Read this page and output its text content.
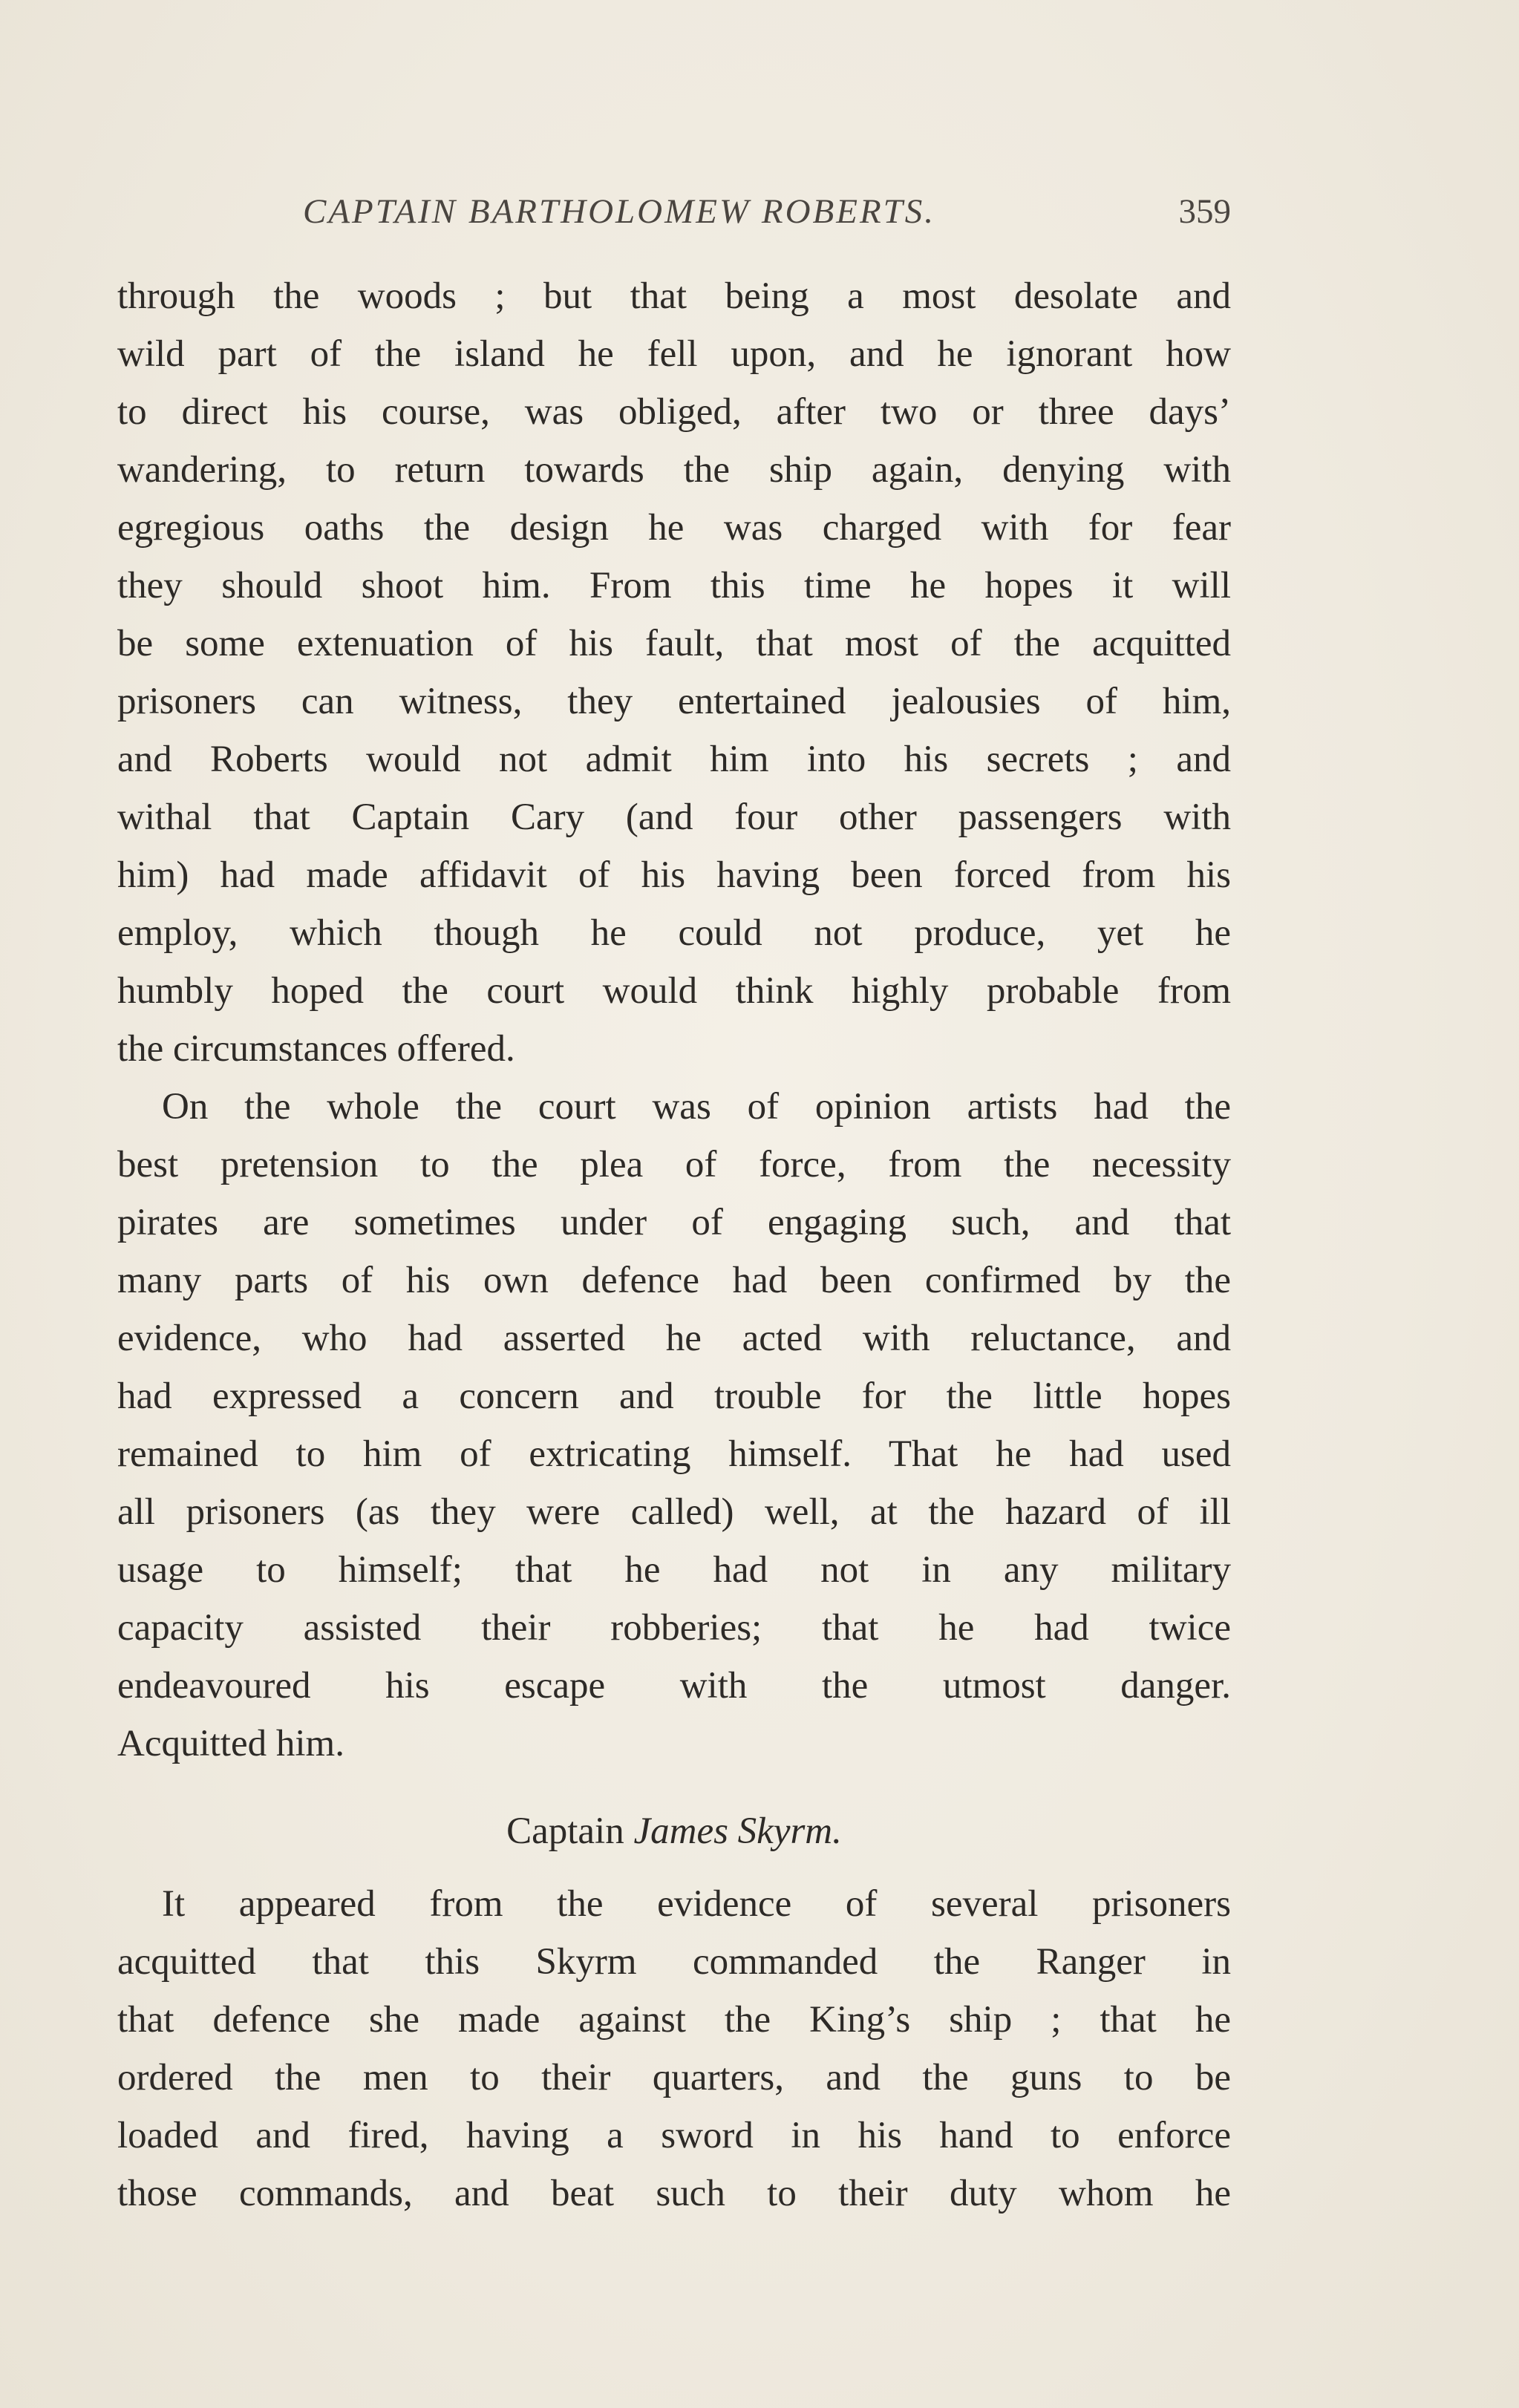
CAPTAIN BARTHOLOMEW ROBERTS.	359
through the woods ; but that being a most desolate and
wild part of the island he fell upon, and he ignorant how
to direct his course, was obliged, after two or three days’
wandering, to return towards the ship again, denying with
egregious oaths the design he was charged with for fear
they should shoot him. From this time he hopes it will
be some extenuation of his fault, that most of the acquitted
prisoners can witness, they entertained jealousies of him,
and Roberts would not admit him into his secrets ; and
withal that Captain Cary (and four other passengers with
him) had made affidavit of his having been forced from his
employ, which though he could not produce, yet he
humbly hoped the court would think highly probable from
the circumstances offered.
On the whole the court was of opinion artists had the
best pretension to the plea of force, from the necessity
pirates are sometimes under of engaging such, and that
many parts of his own defence had been confirmed by the
evidence, who had asserted he acted with reluctance, and
had expressed a concern and trouble for the little hopes
remained to him of extricating himself. That he had used
all prisoners (as they were called) well, at the hazard of ill
usage to himself; that he had not in any military
capacity assisted their robberies; that he had twice
endeavoured his escape with the utmost danger.
Acquitted him.
Captain James Skyrm.
It appeared from the evidence of several prisoners
acquitted that this Skyrm commanded the Ranger in
that defence she made against the King’s ship ; that he
ordered the men to their quarters, and the guns to be
loaded and fired, having a sword in his hand to enforce
those commands, and beat such to their duty whom he
